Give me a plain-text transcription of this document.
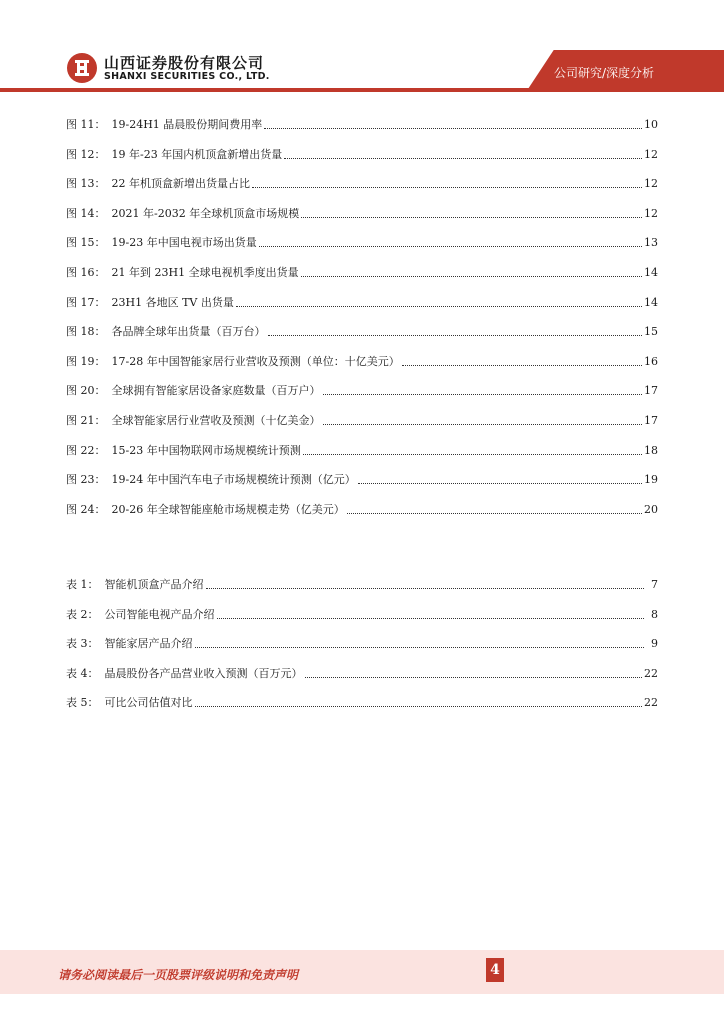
山西证券股份有限公司
SHANXI SECURITIES CO., LTD.	公司研究/深度分析
图 11： 19-24H1 晶晨股份期间费用率	10
图 12： 19 年-23 年国内机顶盒新增出货量	12
图 13： 22 年机顶盒新增出货量占比	12
图 14： 2021 年-2032 年全球机顶盒市场规模	12
图 15： 19-23 年中国电视市场出货量	13
图 16： 21 年到 23H1 全球电视机季度出货量	14
图 17： 23H1 各地区 TV 出货量	14
图 18： 各品牌全球年出货量（百万台）	15
图 19： 17-28 年中国智能家居行业营收及预测（单位：十亿美元）	16
图 20： 全球拥有智能家居设备家庭数量（百万户）	17
图 21： 全球智能家居行业营收及预测（十亿美金）	17
图 22： 15-23 年中国物联网市场规模统计预测	18
图 23： 19-24 年中国汽车电子市场规模统计预测（亿元）	19
图 24： 20-26 年全球智能座舱市场规模走势（亿美元）	20
表 1： 智能机顶盒产品介绍	7
表 2： 公司智能电视产品介绍	8
表 3： 智能家居产品介绍	9
表 4： 晶晨股份各产品营业收入预测（百万元）	22
表 5： 可比公司估值对比	22
请务必阅读最后一页股票评级说明和免责声明	4
